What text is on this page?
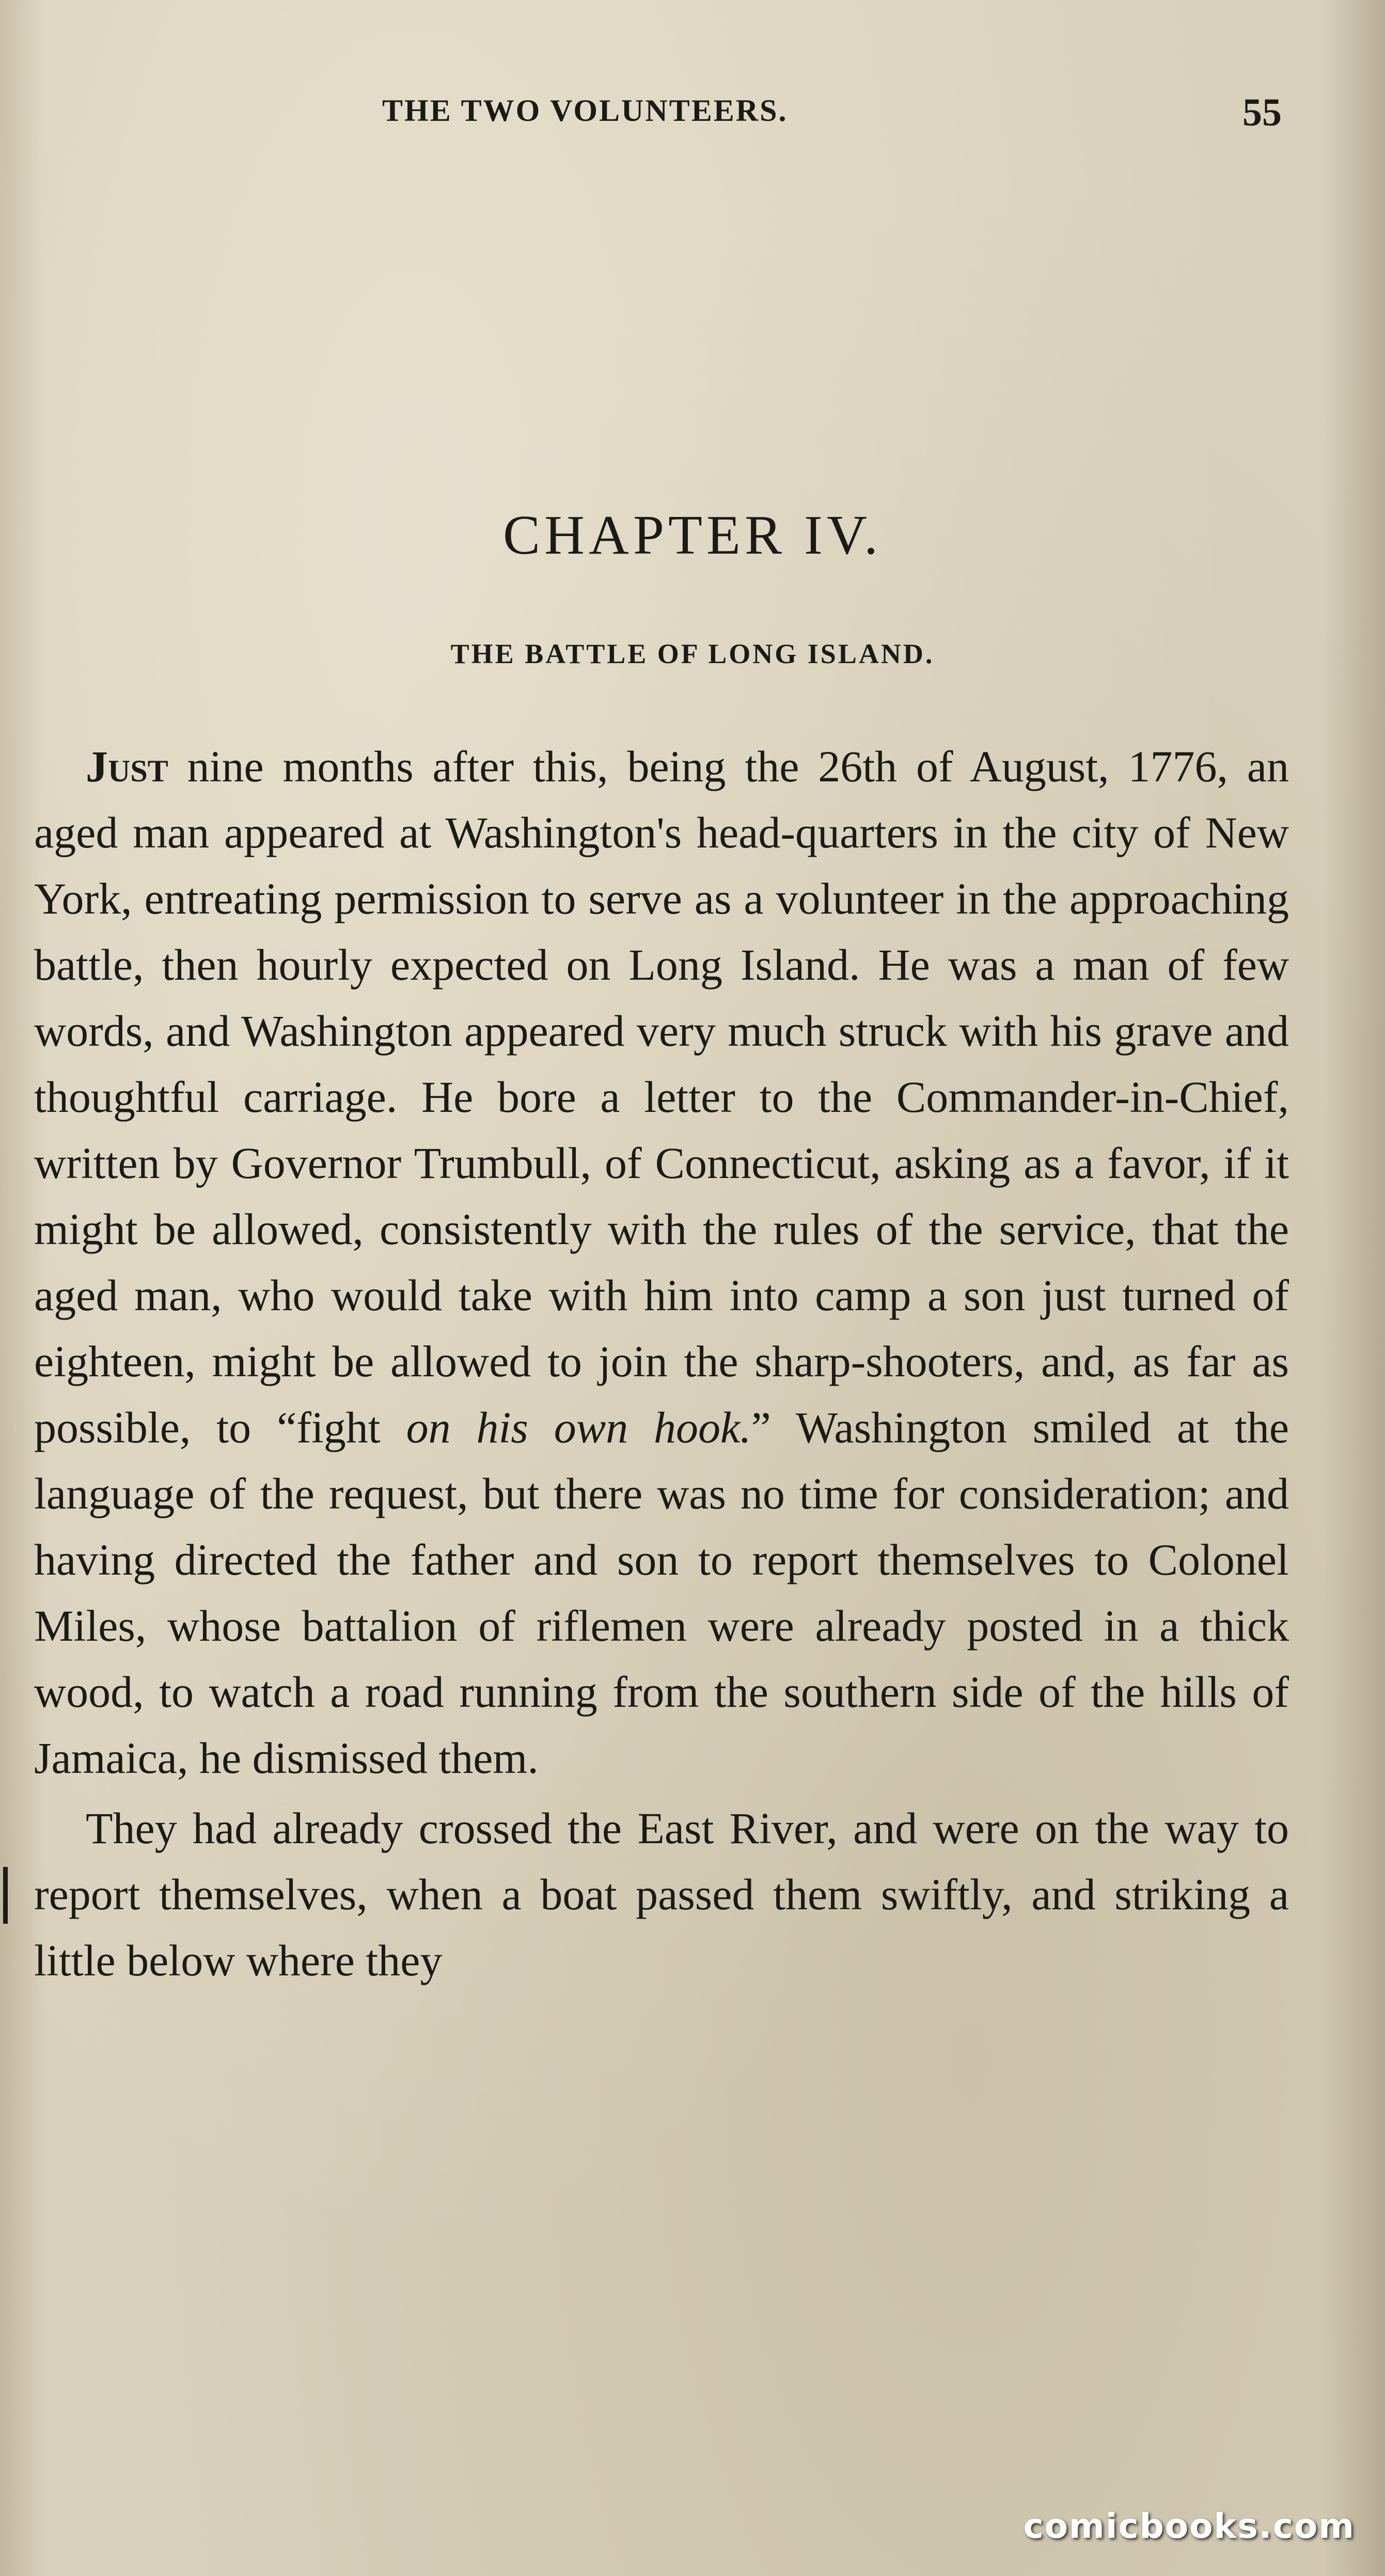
THE TWO VOLUNTEERS.	55
CHAPTER IV.
THE BATTLE OF LONG ISLAND.

Just nine months after this, being the 26th of August, 1776, an aged man appeared at Washington's head-quarters in the city of New York, entreating permission to serve as a volunteer in the approaching battle, then hourly expected on Long Island. He was a man of few words, and Washington appeared very much struck with his grave and thoughtful carriage. He bore a letter to the Commander-in-Chief, written by Governor Trumbull, of Connecticut, asking as a favor, if it might be allowed, consistently with the rules of the service, that the aged man, who would take with him into camp a son just turned of eighteen, might be allowed to join the sharp-shooters, and, as far as possible, to “fight on his own hook.” Washington smiled at the language of the request, but there was no time for consideration; and having directed the father and son to report themselves to Colonel Miles, whose battalion of riflemen were already posted in a thick wood, to watch a road running from the southern side of the hills of Jamaica, he dismissed them.

They had already crossed the East River, and were on the way to report themselves, when a boat passed them swiftly, and striking a little below where they

comicbooks.com
